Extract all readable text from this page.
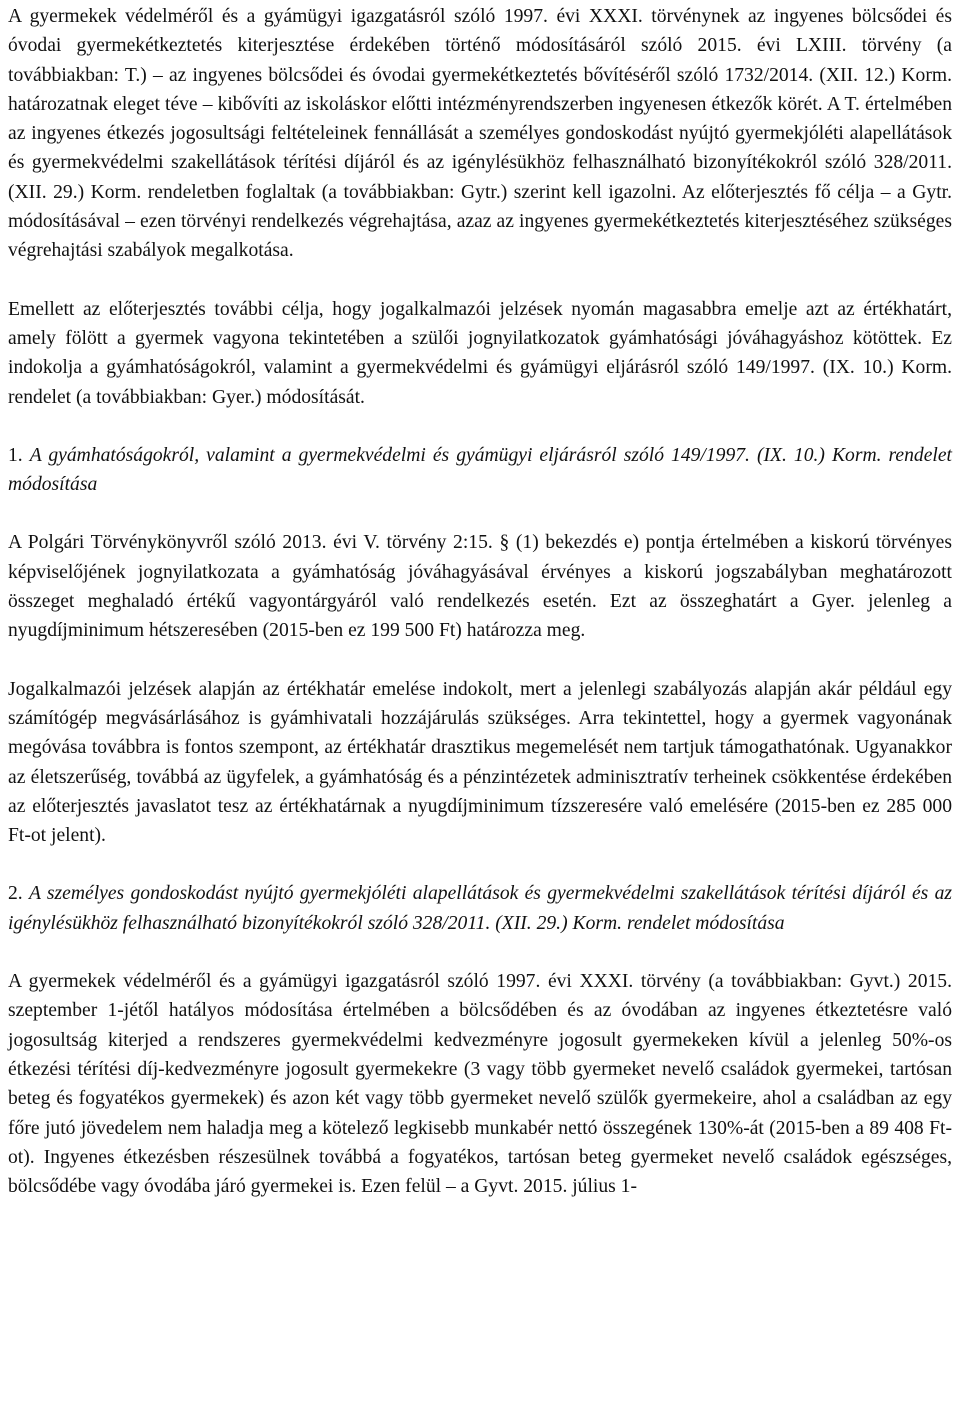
A gyermekek védelméről és a gyámügyi igazgatásról szóló 1997. évi XXXI. törvénynek az ingyenes bölcsődei és óvodai gyermekétkeztetés kiterjesztése érdekében történő módosításáról szóló 2015. évi LXIII. törvény (a továbbiakban: T.) – az ingyenes bölcsődei és óvodai gyermekétkeztetés bővítéséről szóló 1732/2014. (XII. 12.) Korm. határozatnak eleget téve – kibővíti az iskoláskor előtti intézményrendszerben ingyenesen étkezők körét. A T. értelmében az ingyenes étkezés jogosultsági feltételeinek fennállását a személyes gondoskodást nyújtó gyermekjóléti alapellátások és gyermekvédelmi szakellátások térítési díjáról és az igénylésükhöz felhasználható bizonyítékokról szóló 328/2011. (XII. 29.) Korm. rendeletben foglaltak (a továbbiakban: Gytr.) szerint kell igazolni. Az előterjesztés fő célja – a Gytr. módosításával – ezen törvényi rendelkezés végrehajtása, azaz az ingyenes gyermekétkeztetés kiterjesztéséhez szükséges végrehajtási szabályok megalkotása.

Emellett az előterjesztés további célja, hogy jogalkalmazói jelzések nyomán magasabbra emelje azt az értékhatárt, amely fölött a gyermek vagyona tekintetében a szülői jognyilatkozatok gyámhatósági jóváhagyáshoz kötöttek. Ez indokolja a gyámhatóságokról, valamint a gyermekvédelmi és gyámügyi eljárásról szóló 149/1997. (IX. 10.) Korm. rendelet (a továbbiakban: Gyer.) módosítását.

1. A gyámhatóságokról, valamint a gyermekvédelmi és gyámügyi eljárásról szóló 149/1997. (IX. 10.) Korm. rendelet módosítása

A Polgári Törvénykönyvről szóló 2013. évi V. törvény 2:15. § (1) bekezdés e) pontja értelmében a kiskorú törvényes képviselőjének jognyilatkozata a gyámhatóság jóváhagyásával érvényes a kiskorú jogszabályban meghatározott összeget meghaladó értékű vagyontárgyáról való rendelkezés esetén. Ezt az összeghatárt a Gyer. jelenleg a nyugdíjminimum hétszeresében (2015-ben ez 199 500 Ft) határozza meg.

Jogalkalmazói jelzések alapján az értékhatár emelése indokolt, mert a jelenlegi szabályozás alapján akár például egy számítógép megvásárlásához is gyámhivatali hozzájárulás szükséges. Arra tekintettel, hogy a gyermek vagyonának megóvása továbbra is fontos szempont, az értékhatár drasztikus megemelését nem tartjuk támogathatónak. Ugyanakkor az életszerűség, továbbá az ügyfelek, a gyámhatóság és a pénzintézetek adminisztratív terheinek csökkentése érdekében az előterjesztés javaslatot tesz az értékhatárnak a nyugdíjminimum tízszeresére való emelésére (2015-ben ez 285 000 Ft-ot jelent).

2. A személyes gondoskodást nyújtó gyermekjóléti alapellátások és gyermekvédelmi szakellátások térítési díjáról és az igénylésükhöz felhasználható bizonyítékokról szóló 328/2011. (XII. 29.) Korm. rendelet módosítása

A gyermekek védelméről és a gyámügyi igazgatásról szóló 1997. évi XXXI. törvény (a továbbiakban: Gyvt.) 2015. szeptember 1-jétől hatályos módosítása értelmében a bölcsődében és az óvodában az ingyenes étkeztetésre való jogosultság kiterjed a rendszeres gyermekvédelmi kedvezményre jogosult gyermekeken kívül a jelenleg 50%-os étkezési térítési díj-kedvezményre jogosult gyermekekre (3 vagy több gyermeket nevelő családok gyermekei, tartósan beteg és fogyatékos gyermekek) és azon két vagy több gyermeket nevelő szülők gyermekeire, ahol a családban az egy főre jutó jövedelem nem haladja meg a kötelező legkisebb munkabér nettó összegének 130%-át (2015-ben a 89 408 Ft-ot). Ingyenes étkezésben részesülnek továbbá a fogyatékos, tartósan beteg gyermeket nevelő családok egészséges, bölcsődébe vagy óvodába járó gyermekei is. Ezen felül – a Gyvt. 2015. július 1-
